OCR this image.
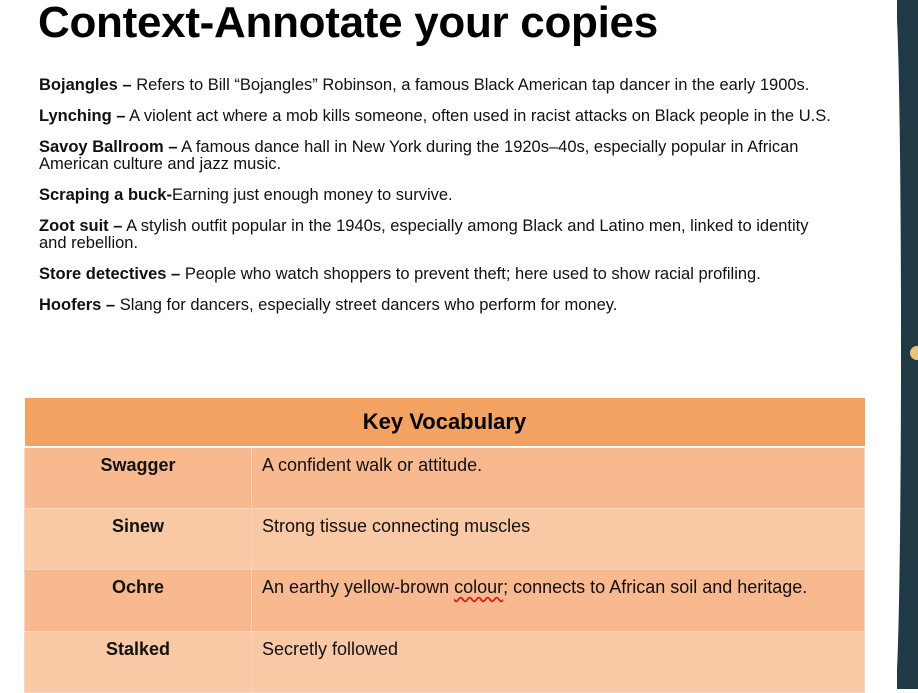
Context-Annotate your copies
Bojangles – Refers to Bill “Bojangles” Robinson, a famous Black American tap dancer in the early 1900s.
Lynching – A violent act where a mob kills someone, often used in racist attacks on Black people in the U.S.
Savoy Ballroom – A famous dance hall in New York during the 1920s–40s, especially popular in African American culture and jazz music.
Scraping a buck-Earning just enough money to survive.
Zoot suit – A stylish outfit popular in the 1940s, especially among Black and Latino men, linked to identity and rebellion.
Store detectives – People who watch shoppers to prevent theft; here used to show racial profiling.
Hoofers – Slang for dancers, especially street dancers who perform for money.
Key Vocabulary	
Swagger	A confident walk or attitude.
Sinew	Strong tissue connecting muscles
Ochre	An earthy yellow-brown colour; connects to African soil and heritage.
Stalked	Secretly followed
